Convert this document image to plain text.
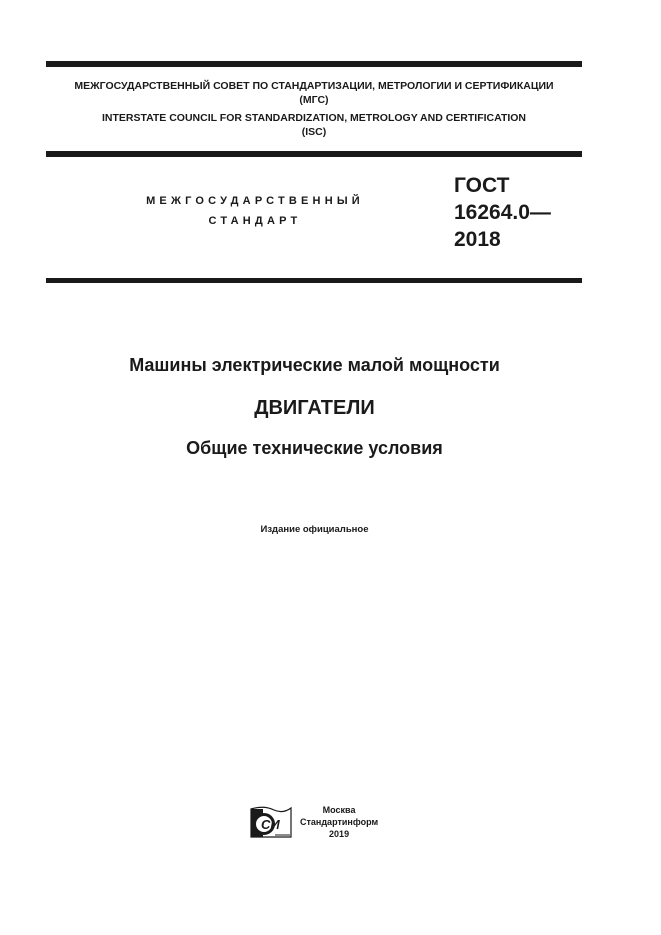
МЕЖГОСУДАРСТВЕННЫЙ СОВЕТ ПО СТАНДАРТИЗАЦИИ, МЕТРОЛОГИИ И СЕРТИФИКАЦИИ
(МГС)
INTERSTATE COUNCIL FOR STANDARDIZATION, METROLOGY AND CERTIFICATION
(ISC)
МЕЖГОСУДАРСТВЕННЫЙ
СТАНДАРТ
ГОСТ
16264.0—
2018
Машины электрические малой мощности
ДВИГАТЕЛИ
Общие технические условия
Издание официальное
СИ
Москва
Стандартинформ
2019
